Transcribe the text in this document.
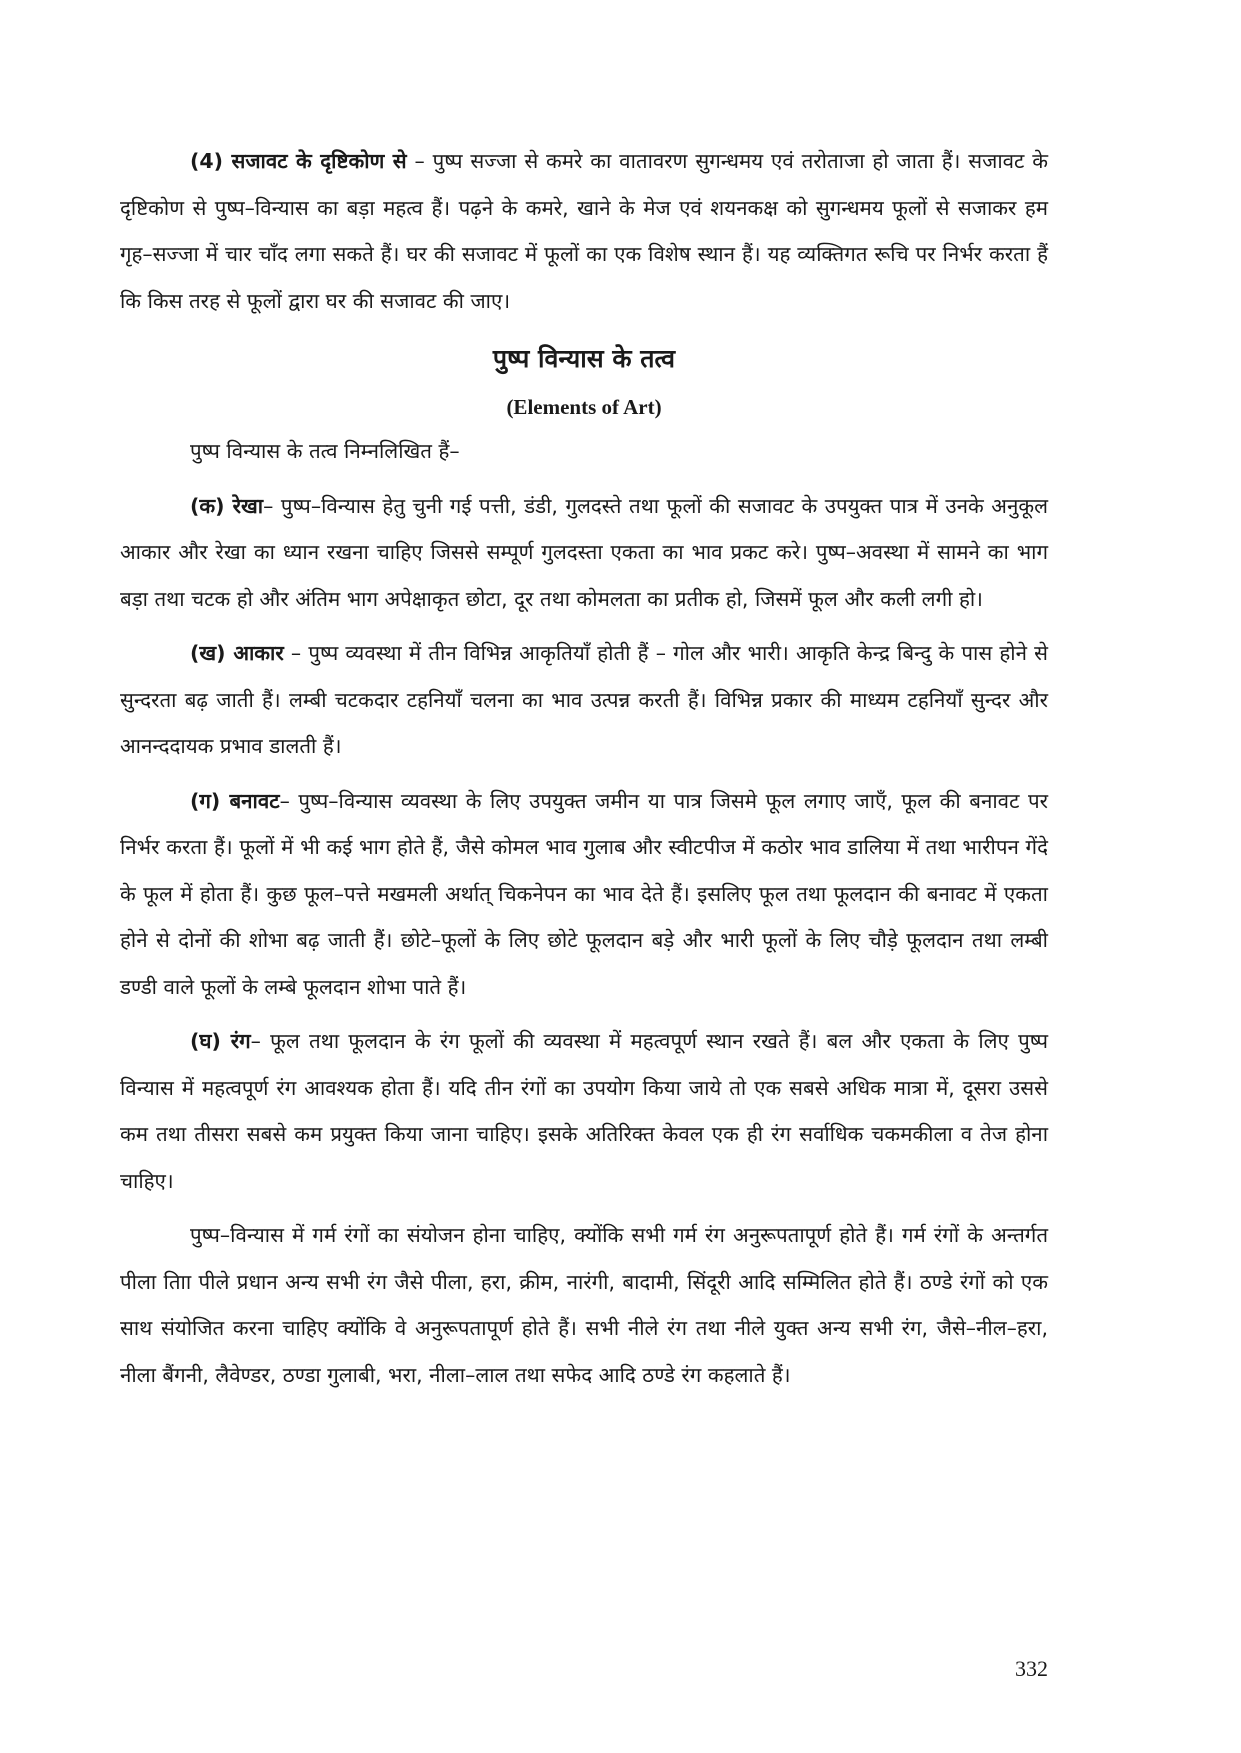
(4) सजावट के दृष्टिकोण से – पुष्प सज्जा से कमरे का वातावरण सुगन्धमय एवं तरोताजा हो जाता हैं। सजावट के दृष्टिकोण से पुष्प–विन्यास का बड़ा महत्व हैं। पढ़ने के कमरे, खाने के मेज एवं शयनकक्ष को सुगन्धमय फूलों से सजाकर हम गृह–सज्जा में चार चाँद लगा सकते हैं। घर की सजावट में फूलों का एक विशेष स्थान हैं। यह व्यक्तिगत रूचि पर निर्भर करता हैं कि किस तरह से फूलों द्वारा घर की सजावट की जाए।

पुष्प विन्यास के तत्व
(Elements of Art)

पुष्प विन्यास के तत्व निम्नलिखित हैं–

(क) रेखा– पुष्प–विन्यास हेतु चुनी गई पत्ती, डंडी, गुलदस्ते तथा फूलों की सजावट के उपयुक्त पात्र में उनके अनुकूल आकार और रेखा का ध्यान रखना चाहिए जिससे सम्पूर्ण गुलदस्ता एकता का भाव प्रकट करे। पुष्प–अवस्था में सामने का भाग बड़ा तथा चटक हो और अंतिम भाग अपेक्षाकृत छोटा, दूर तथा कोमलता का प्रतीक हो, जिसमें फूल और कली लगी हो।

(ख) आकार – पुष्प व्यवस्था में तीन विभिन्न आकृतियाँ होती हैं – गोल और भारी। आकृति केन्द्र बिन्दु के पास होने से सुन्दरता बढ़ जाती हैं। लम्बी चटकदार टहनियाँ चलना का भाव उत्पन्न करती हैं। विभिन्न प्रकार की माध्यम टहनियाँ सुन्दर और आनन्ददायक प्रभाव डालती हैं।

(ग) बनावट– पुष्प–विन्यास व्यवस्था के लिए उपयुक्त जमीन या पात्र जिसमे फूल लगाए जाएँ, फूल की बनावट पर निर्भर करता हैं। फूलों में भी कई भाग होते हैं, जैसे कोमल भाव गुलाब और स्वीटपीज में कठोर भाव डालिया में तथा भारीपन गेंदे के फूल में होता हैं। कुछ फूल–पत्ते मखमली अर्थात् चिकनेपन का भाव देते हैं। इसलिए फूल तथा फूलदान की बनावट में एकता होने से दोनों की शोभा बढ़ जाती हैं। छोटे–फूलों के लिए छोटे फूलदान बड़े और भारी फूलों के लिए चौड़े फूलदान तथा लम्बी डण्डी वाले फूलों के लम्बे फूलदान शोभा पाते हैं।

(घ) रंग– फूल तथा फूलदान के रंग फूलों की व्यवस्था में महत्वपूर्ण स्थान रखते हैं। बल और एकता के लिए पुष्प विन्यास में महत्वपूर्ण रंग आवश्यक होता हैं। यदि तीन रंगों का उपयोग किया जाये तो एक सबसे अधिक मात्रा में, दूसरा उससे कम तथा तीसरा सबसे कम प्रयुक्त किया जाना चाहिए। इसके अतिरिक्त केवल एक ही रंग सर्वाधिक चकमकीला व तेज होना चाहिए।

पुष्प–विन्यास में गर्म रंगों का संयोजन होना चाहिए, क्योंकि सभी गर्म रंग अनुरूपतापूर्ण होते हैं। गर्म रंगों के अन्तर्गत पीला तािा पीले प्रधान अन्य सभी रंग जैसे पीला, हरा, क्रीम, नारंगी, बादामी, सिंदूरी आदि सम्मिलित होते हैं। ठण्डे रंगों को एक साथ संयोजित करना चाहिए क्योंकि वे अनुरूपतापूर्ण होते हैं। सभी नीले रंग तथा नीले युक्त अन्य सभी रंग, जैसे–नील–हरा, नीला बैंगनी, लैवेण्डर, ठण्डा गुलाबी, भरा, नीला–लाल तथा सफेद आदि ठण्डे रंग कहलाते हैं।

332
